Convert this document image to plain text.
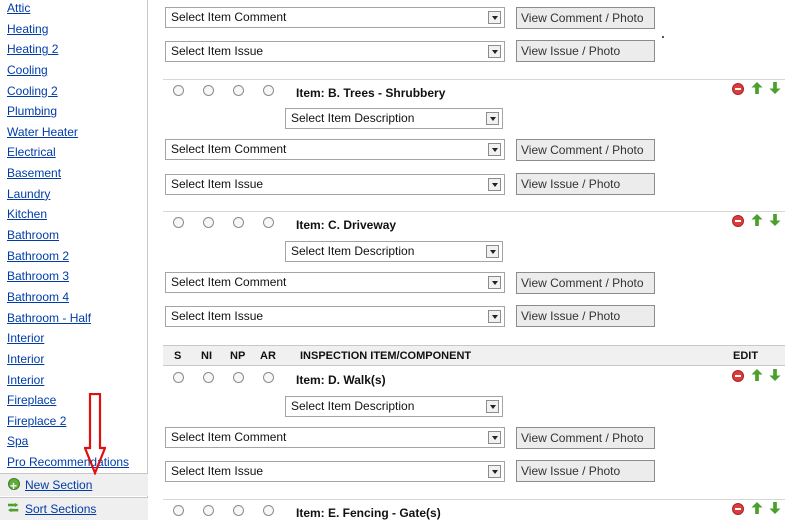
Attic
Heating
Heating 2
Cooling
Cooling 2
Plumbing
Water Heater
Electrical
Basement
Laundry
Kitchen
Bathroom
Bathroom 2
Bathroom 3
Bathroom 4
Bathroom - Half
Interior
Interior
Interior
Fireplace
Fireplace 2
Spa
Pro Recommendations
+New Section
Sort Sections
Select Item Comment	View Comment / Photo
Select Item Issue	View Issue / Photo
Item: B. Trees - Shrubbery
Select Item Description
Select Item Comment	View Comment / Photo
Select Item Issue	View Issue / Photo
Item: C. Driveway
Select Item Description
Select Item Comment	View Comment / Photo
Select Item Issue	View Issue / Photo
S NI NP AR INSPECTION ITEM/COMPONENT	EDIT
Item: D. Walk(s)
Select Item Description
Select Item Comment	View Comment / Photo
Select Item Issue	View Issue / Photo
Item: E. Fencing - Gate(s)
